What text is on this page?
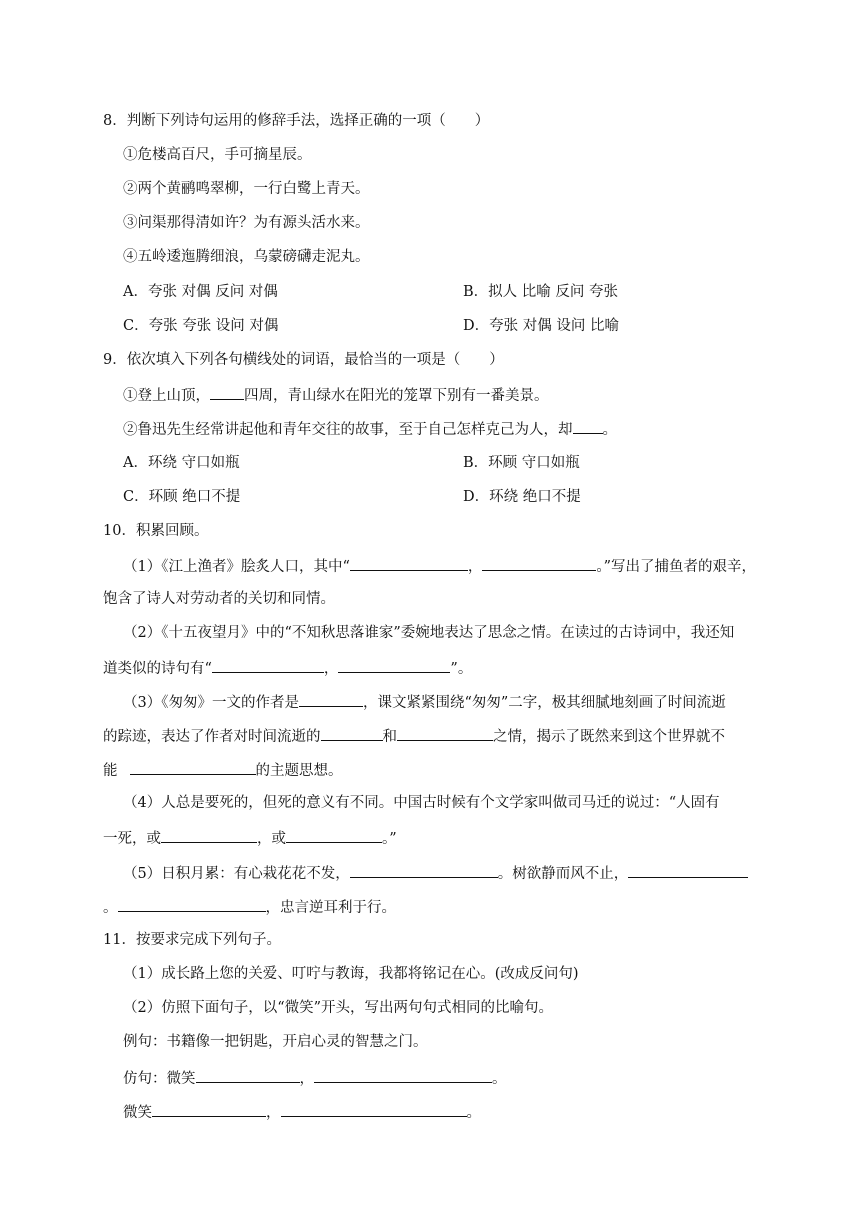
8．判断下列诗句运用的修辞手法，选择正确的一项（　　）
①危楼高百尺，手可摘星辰。
②两个黄鹂鸣翠柳，一行白鹭上青天。
③问渠那得清如许？为有源头活水来。
④五岭逶迤腾细浪，乌蒙磅礴走泥丸。
A．夸张 对偶 反问 对偶	B．拟人 比喻 反问 夸张
C．夸张 夸张 设问 对偶	D．夸张 对偶 设问 比喻
9．依次填入下列各句横线处的词语，最恰当的一项是（　　）
①登上山顶， 四周，青山绿水在阳光的笼罩下别有一番美景。
②鲁迅先生经常讲起他和青年交往的故事，至于自己怎样克己为人，却 。
A．环绕 守口如瓶	B．环顾 守口如瓶
C．环顾 绝口不提	D．环绕 绝口不提
10．积累回顾。
（1）《江上渔者》脍炙人口，其中“	，	。”写出了捕鱼者的艰辛，
饱含了诗人对劳动者的关切和同情。
（2）《十五夜望月》中的“不知秋思落谁家”委婉地表达了思念之情。在读过的古诗词中，我还知
道类似的诗句有“	，	”。
（3）《匆匆》一文的作者是	，课文紧紧围绕“匆匆”二字，极其细腻地刻画了时间流逝
的踪迹，表达了作者对时间流逝的	和	之情，揭示了既然来到这个世界就不
能	的主题思想。
（4）人总是要死的，但死的意义有不同。中国古时候有个文学家叫做司马迁的说过：“人固有
一死，或	，或	。”
（5）日积月累：有心栽花花不发，	。树欲静而风不止，
。	，忠言逆耳利于行。
11．按要求完成下列句子。
（1）成长路上您的关爱、叮咛与教诲，我都将铭记在心。(改成反问句)
（2）仿照下面句子，以“微笑”开头，写出两句句式相同的比喻句。
例句：书籍像一把钥匙，开启心灵的智慧之门。
仿句：微笑	，	。
微笑	，	。
